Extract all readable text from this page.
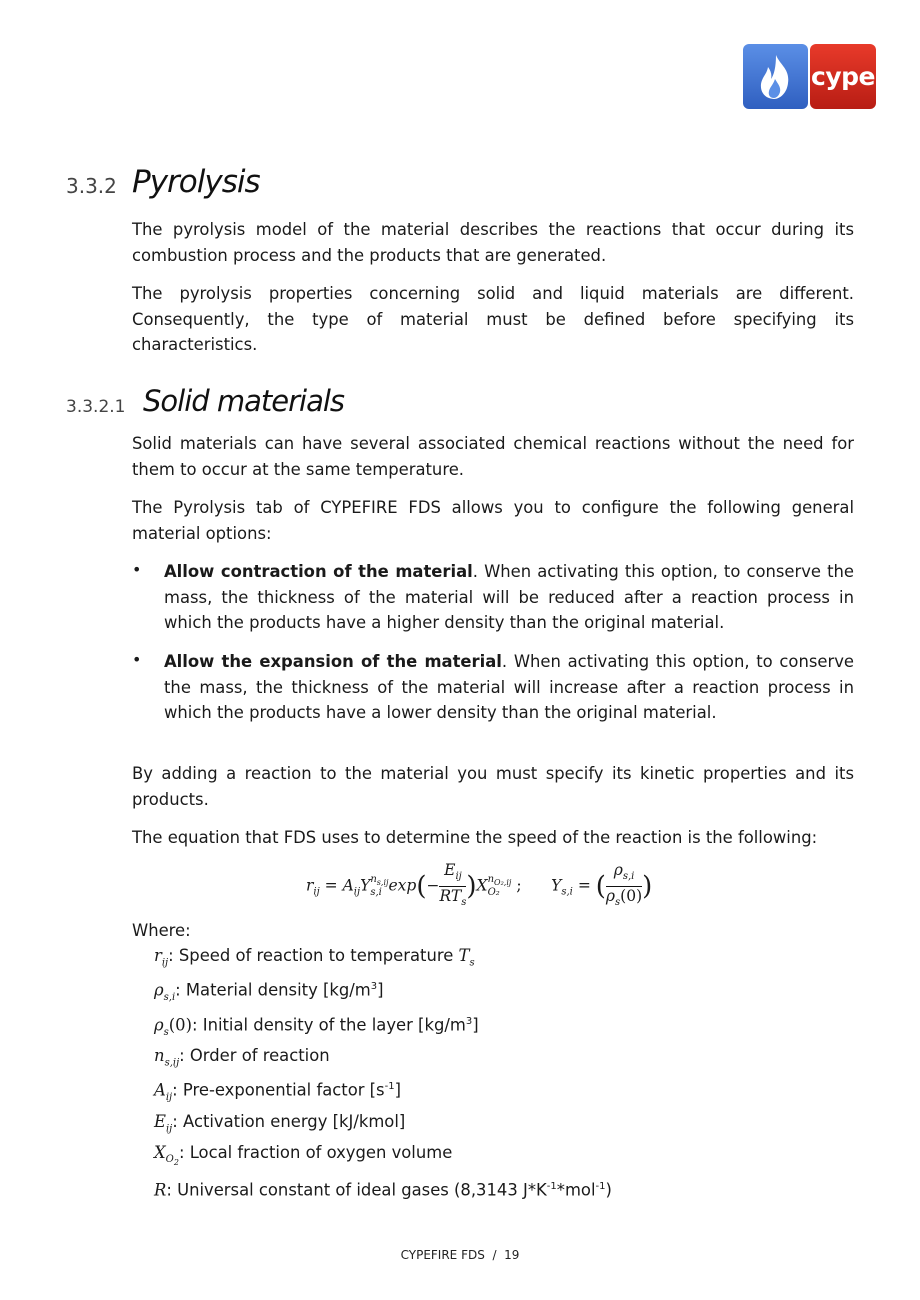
cype
3.3.2 Pyrolysis

The pyrolysis model of the material describes the reactions that occur during its combustion process and the products that are generated.

The pyrolysis properties concerning solid and liquid materials are different. Consequently, the type of material must be defined before specifying its characteristics.

3.3.2.1 Solid materials

Solid materials can have several associated chemical reactions without the need for them to occur at the same temperature.

The Pyrolysis tab of CYPEFIRE FDS allows you to configure the following general material options:

• Allow contraction of the material. When activating this option, to conserve the mass, the thickness of the material will be reduced after a reaction process in which the products have a higher density than the original material.

• Allow the expansion of the material. When activating this option, to conserve the mass, the thickness of the material will increase after a reaction process in which the products have a lower density than the original material.

By adding a reaction to the material you must specify its kinetic properties and its products.

The equation that FDS uses to determine the speed of the reaction is the following:

$r_{ij} = A_{ij}Y$ $n_{s,ij}$
s,i $\exp(- \frac{E_{ij}}{RT_s} )X$ $n_{O_2,ij}$
O₂	;      $Y_{s,i}$ = ( $\frac{\rho_{s,i}}{\rho_s(0)}$ )
Where:
$r_{ij}$: Speed of reaction to temperature $T_s$
$\rho_{s,i}$: Material density $[kg/m^3]$
$\rho_s(0)$: Initial density of the layer $[kg/m^3]$
$n_{s,ij}$: Order of reaction
$A_{ij}$: Pre-exponential factor $[s^{-1}]$
$E_{ij}$: Activation energy [kJ/kmol]
$X_{O_2}$: Local fraction of oxygen volume
R: Universal constant of ideal gases (8,3143 $J*K^{-1}*mol^{-1}$)
CYPEFIRE FDS  /  19
